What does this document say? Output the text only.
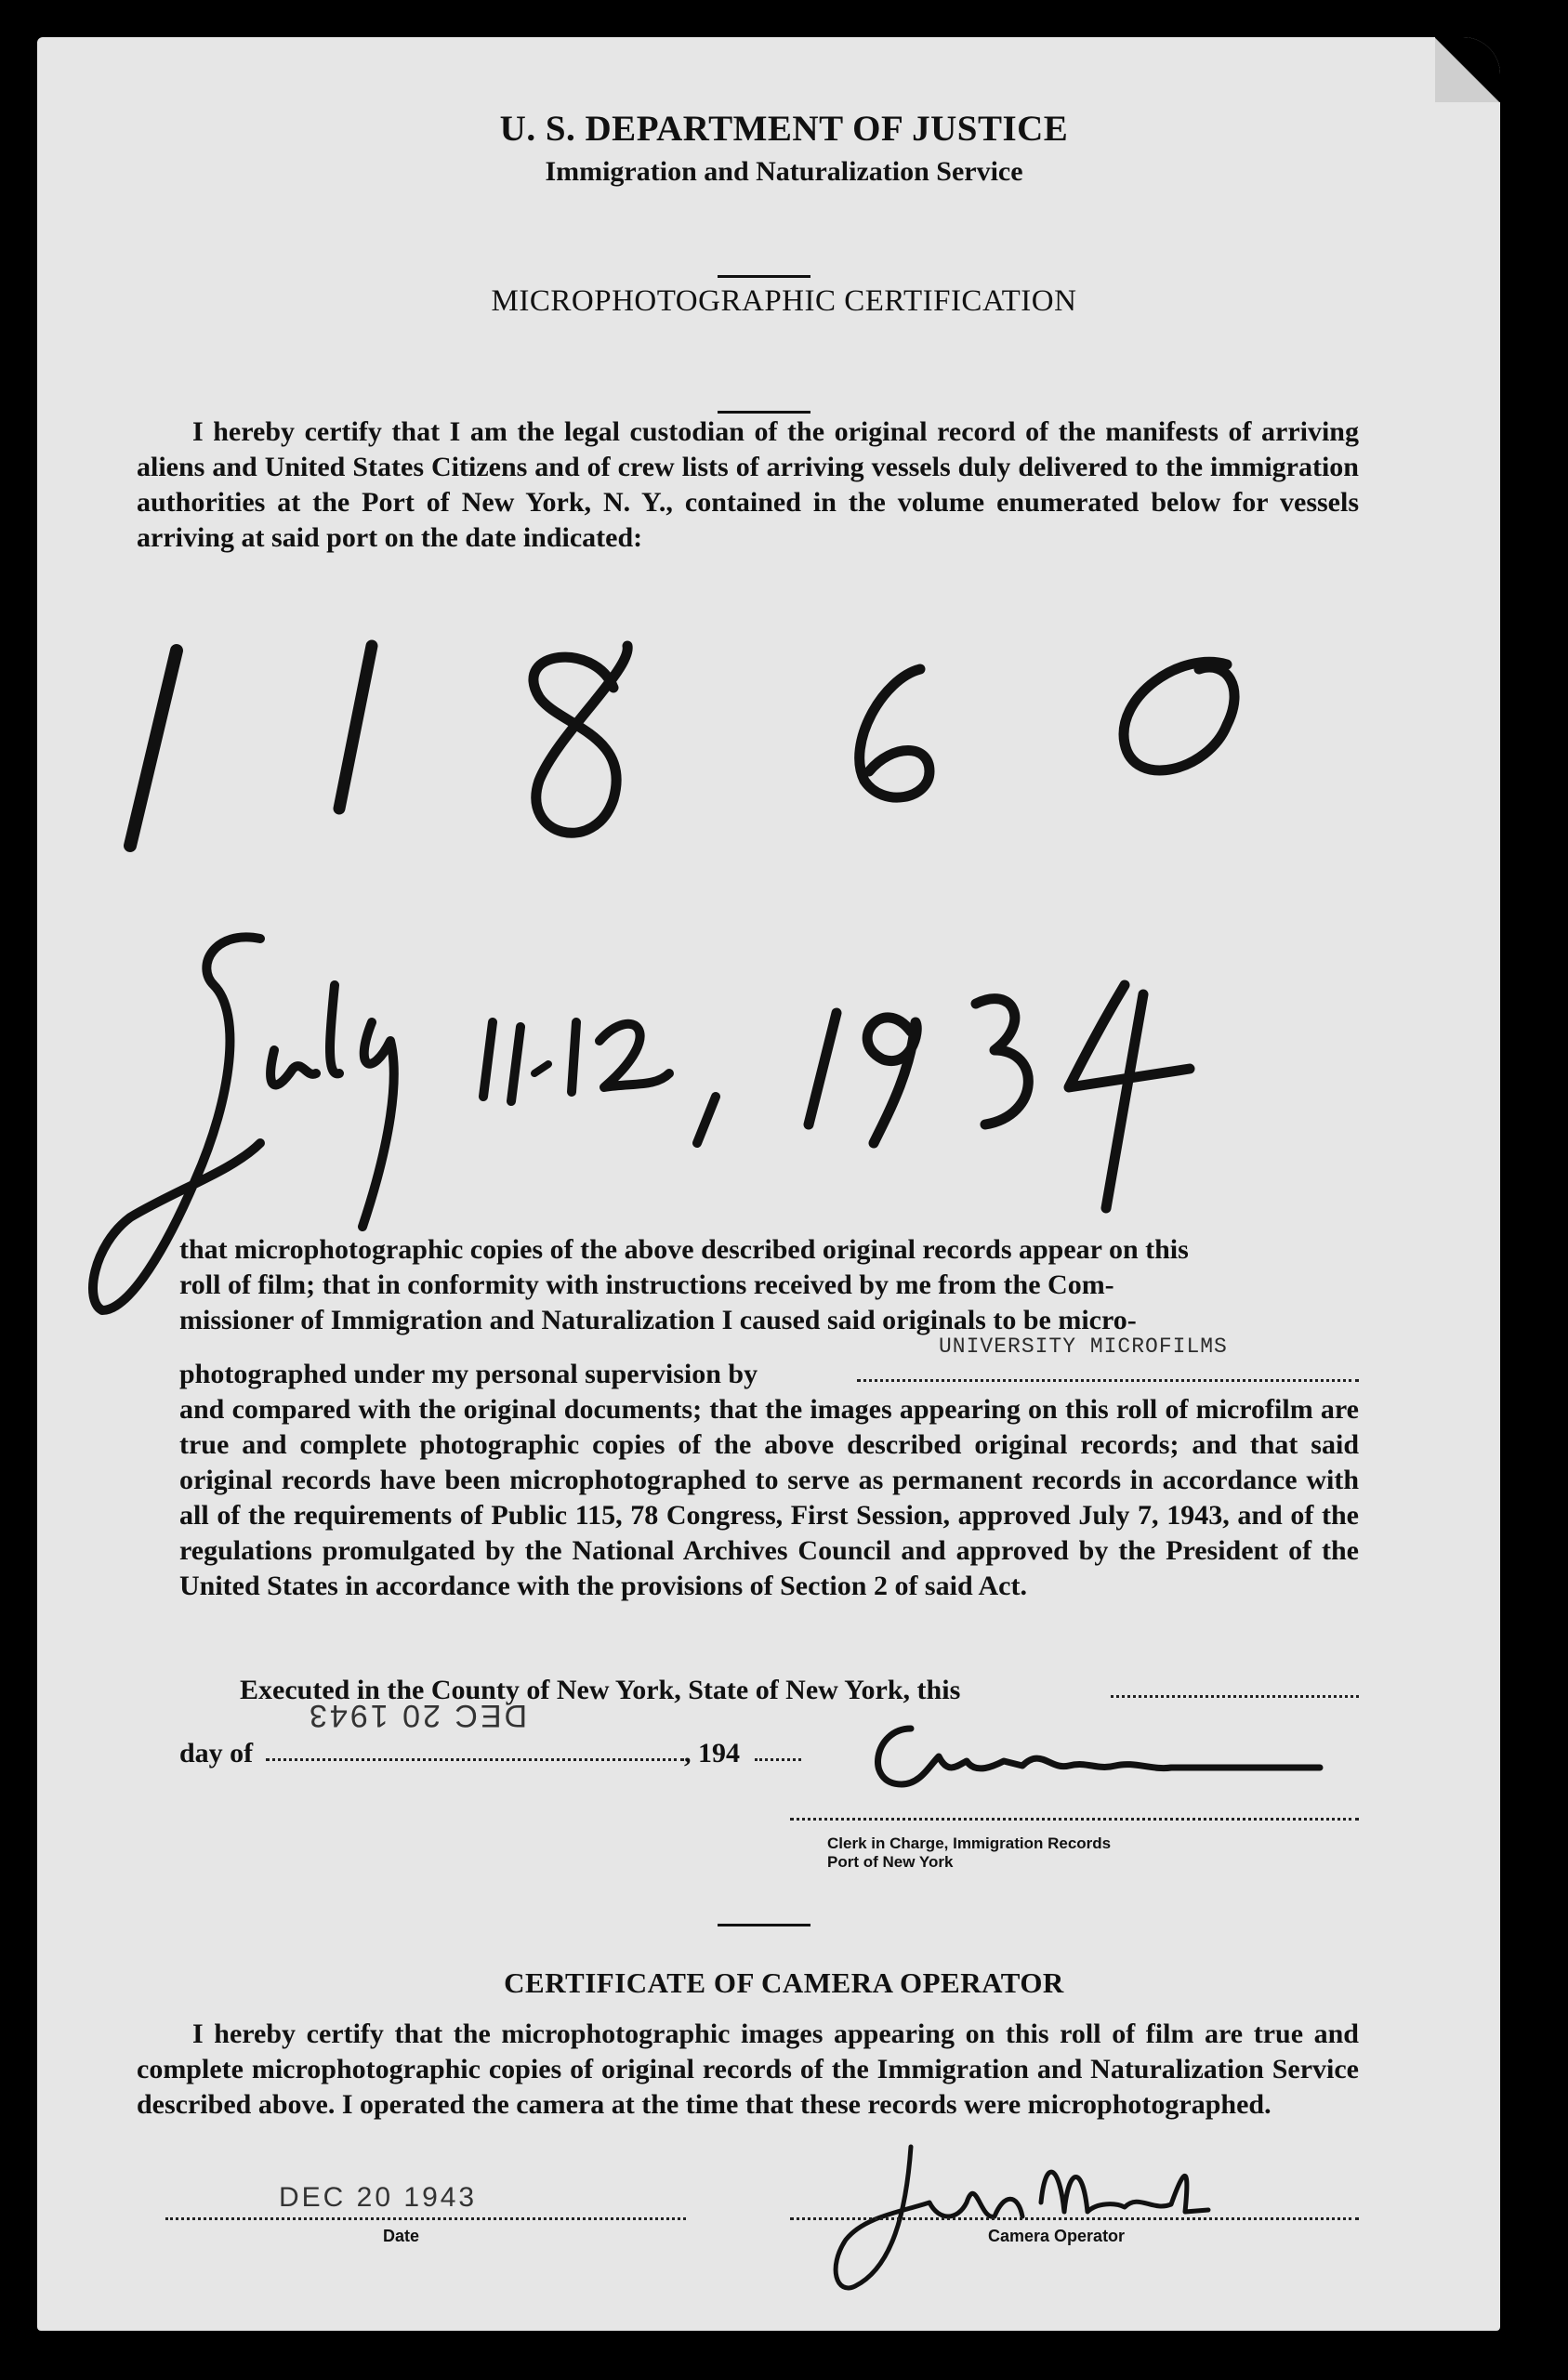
U. S. DEPARTMENT OF JUSTICE
Immigration and Naturalization Service
MICROPHOTOGRAPHIC CERTIFICATION

I hereby certify that I am the legal custodian of the original record of the manifests of arriving aliens and United States Citizens and of crew lists of arriving vessels duly delivered to the immigration authorities at the Port of New York, N. Y., contained in the volume enumerated below for vessels arriving at said port on the date indicated:

that microphotographic copies of the above described original records appear on this
roll of film; that in conformity with instructions received by me from the Com-
missioner of Immigration and Naturalization I caused said originals to be micro-
UNIVERSITY MICROFILMS
photographed under my personal supervision by

and compared with the original documents; that the images appearing on this roll of microfilm are true and complete photographic copies of the above described original records; and that said original records have been microphotographed to serve as permanent records in accordance with all of the requirements of Public 115, 78 Congress, First Session, approved July 7, 1943, and of the regulations promulgated by the National Archives Council and approved by the President of the United States in accordance with the provisions of Section 2 of said Act.

Executed in the County of New York, State of New York, this
day of
DEC 20 1943
, 194
Clerk in Charge, Immigration Records
Port of New York
CERTIFICATE OF CAMERA OPERATOR

I hereby certify that the microphotographic images appearing on this roll of film are true and complete microphotographic copies of original records of the Immigration and Naturalization Service described above. I operated the camera at the time that these records were microphotographed.

DEC 20 1943
Date	Camera Operator
